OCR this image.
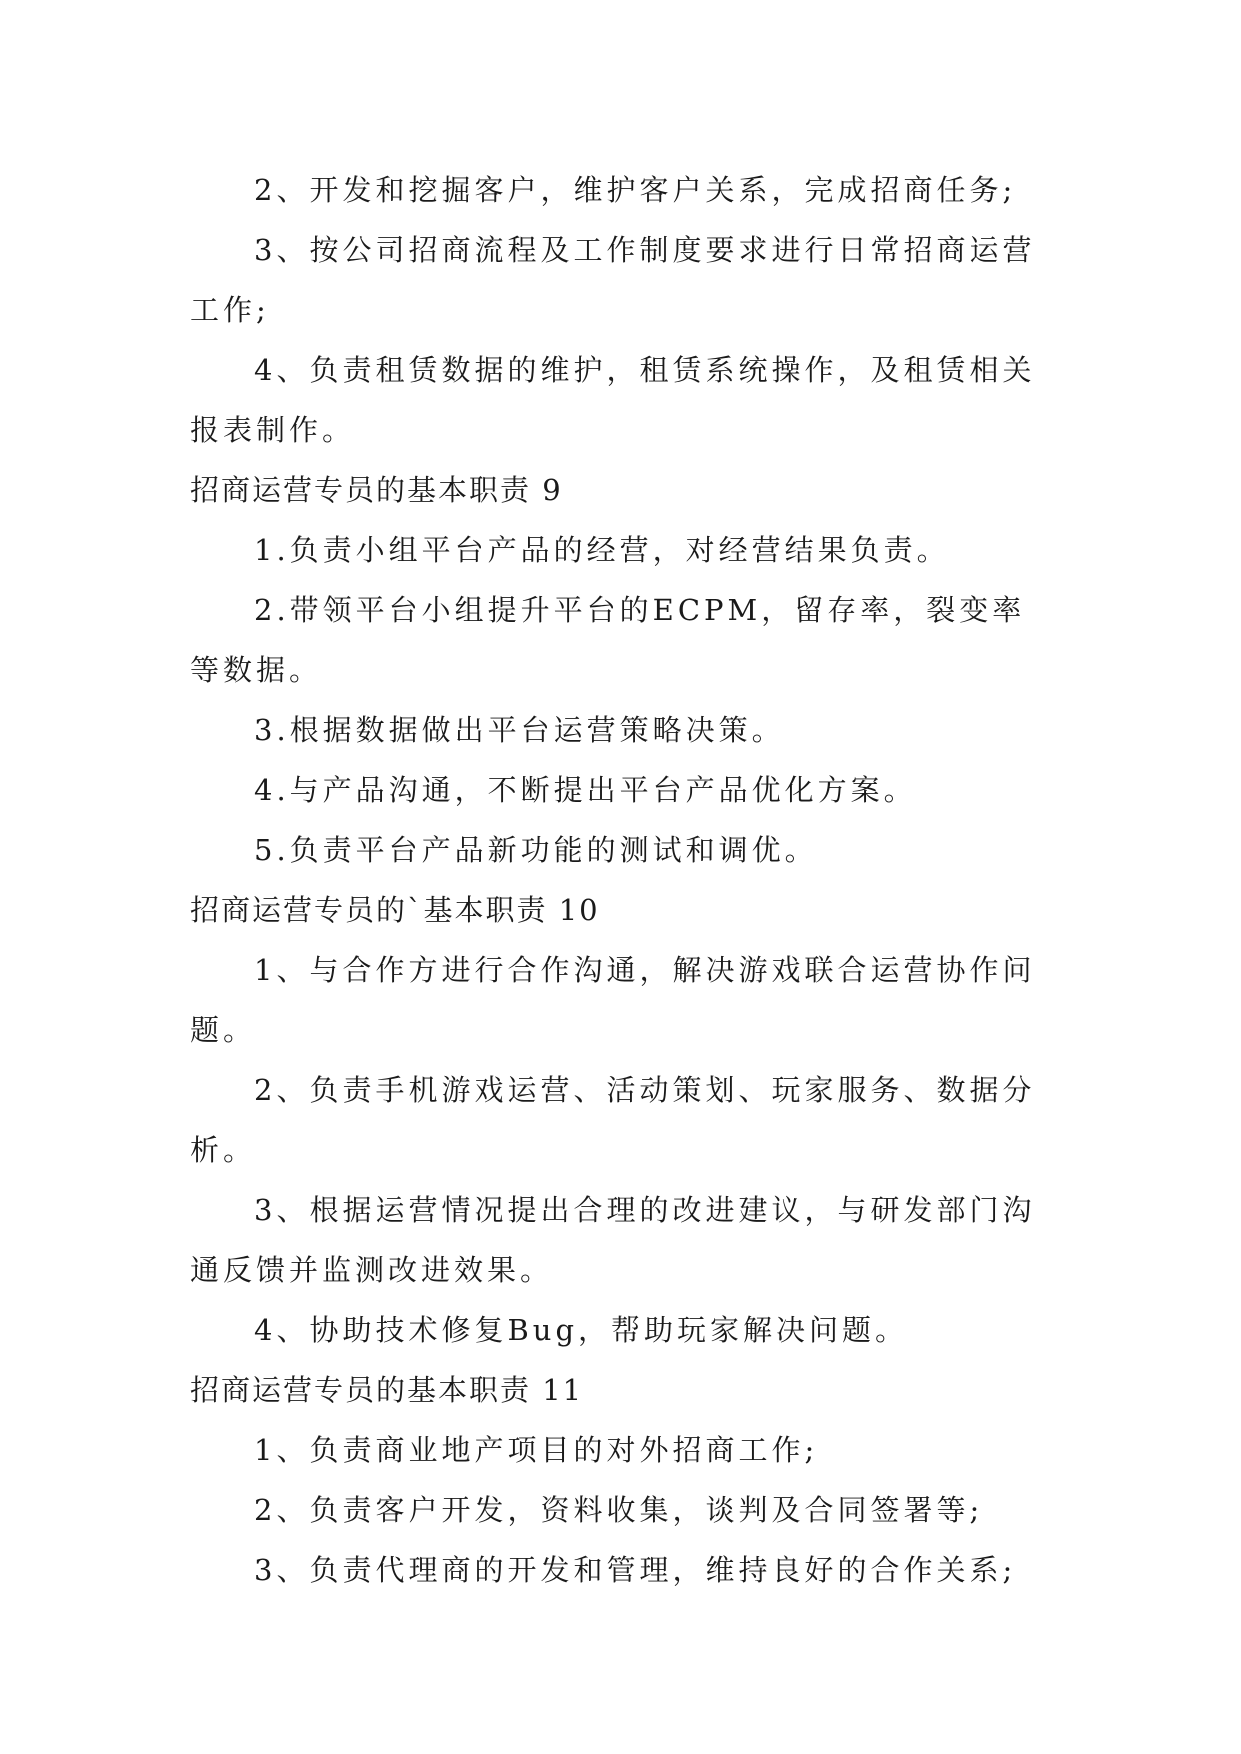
2、开发和挖掘客户，维护客户关系，完成招商任务;

3、按公司招商流程及工作制度要求进行日常招商运营工作;

4、负责租赁数据的维护，租赁系统操作，及租赁相关报表制作。

招商运营专员的基本职责 9

1.负责小组平台产品的经营，对经营结果负责。

2.带领平台小组提升平台的ECPM，留存率，裂变率等数据。

3.根据数据做出平台运营策略决策。

4.与产品沟通，不断提出平台产品优化方案。

5.负责平台产品新功能的测试和调优。

招商运营专员的`基本职责 10

1、与合作方进行合作沟通，解决游戏联合运营协作问题。

2、负责手机游戏运营、活动策划、玩家服务、数据分析。

3、根据运营情况提出合理的改进建议，与研发部门沟通反馈并监测改进效果。

4、协助技术修复Bug，帮助玩家解决问题。

招商运营专员的基本职责 11

1、负责商业地产项目的对外招商工作;

2、负责客户开发，资料收集，谈判及合同签署等;

3、负责代理商的开发和管理，维持良好的合作关系;
